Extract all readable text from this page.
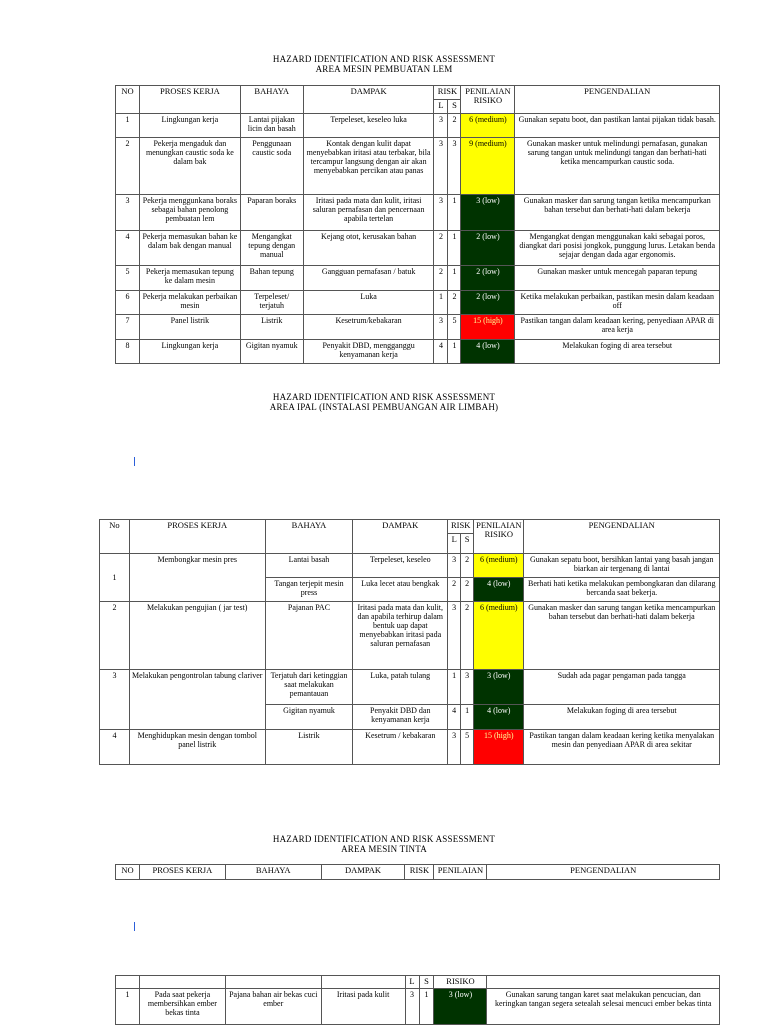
HAZARD IDENTIFICATION AND RISK ASSESSMENT
AREA MESIN PEMBUATAN LEM
NO	PROSES KERJA	BAHAYA	DAMPAK	RISK		PENILAIAN RISIKO	PENGENDALIAN
				L	S		
1	Lingkungan kerja	Lantai pijakan licin dan basah	Terpeleset, keseleo luka	3	2	6 (medium)	Gunakan sepatu boot, dan pastikan lantai pijakan tidak basah.
2	Pekerja mengaduk dan menungkan caustic soda ke dalam bak	Penggunaan caustic soda	Kontak dengan kulit dapat menyebabkan iritasi atau terbakar, bila tercampur langsung dengan air akan menyebabkan percikan atau panas	3	3	9 (medium)	Gunakan masker untuk melindungi pernafasan, gunakan sarung tangan untuk melindungi tangan dan berhati-hati ketika mencampurkan caustic soda.
3	Pekerja menggunkana boraks sebagai bahan penolong pembuatan lem	Paparan boraks	Iritasi pada mata dan kulit, iritasi saluran pernafasan dan pencernaan apabila tertelan	3	1	3 (low)	Gunakan masker dan sarung tangan ketika mencampurkan bahan tersebut dan berhati-hati dalam bekerja
4	Pekerja memasukan bahan ke dalam bak dengan manual	Mengangkat tepung dengan manual	Kejang otot, kerusakan bahan	2	1	2 (low)	Mengangkat dengan menggunakan kaki sebagai poros, diangkat dari posisi jongkok, punggung lurus. Letakan benda sejajar dengan dada agar ergonomis.
5	Pekerja memasukan tepung ke dalam mesin	Bahan tepung	Gangguan pernafasan / batuk	2	1	2 (low)	Gunakan masker untuk mencegah paparan tepung
6	Pekerja melakukan perbaikan mesin	Terpeleset/ terjatuh	Luka	1	2	2 (low)	Ketika melakukan perbaikan, pastikan mesin dalam keadaan off
7	Panel listrik	Listrik	Kesetrum/kebakaran	3	5	15 (high)	Pastikan tangan dalam keadaan kering, penyediaan APAR di area kerja
8	Lingkungan kerja	Gigitan nyamuk	Penyakit DBD, mengganggu kenyamanan kerja	4	1	4 (low)	Melakukan foging di area tersebut
HAZARD IDENTIFICATION AND RISK ASSESSMENT
AREA IPAL (INSTALASI PEMBUANGAN AIR LIMBAH)
No	PROSES KERJA	BAHAYA	DAMPAK	RISK		PENILAIAN RISIKO	PENGENDALIAN
				L	S		
1	Membongkar mesin pres	Lantai basah	Terpeleset, keseleo	3	2	6 (medium)	Gunakan sepatu boot, bersihkan lantai yang basah jangan biarkan air tergenang di lantai
		Tangan terjepit mesin press	Luka lecet atau bengkak	2	2	4 (low)	Berhati hati ketika melakukan pembongkaran dan dilarang bercanda saat bekerja.
2	Melakukan pengujian ( jar test)	Pajanan PAC	Iritasi pada mata dan kulit, dan apabila terhirup dalam bentuk uap dapat menyebabkan iritasi pada saluran pernafasan	3	2	6 (medium)	Gunakan masker dan sarung tangan ketika mencampurkan bahan tersebut dan berhati-hati dalam bekerja
3	Melakukan pengontrolan tabung clariver	Terjatuh dari ketinggian saat melakukan pemantauan	Luka, patah tulang	1	3	3 (low)	Sudah ada pagar pengaman pada tangga
		Gigitan nyamuk	Penyakit DBD dan kenyamanan kerja	4	1	4 (low)	Melakukan foging di area tersebut
4	Menghidupkan mesin dengan tombol panel listrik	Listrik	Kesetrum / kebakaran	3	5	15 (high)	Pastikan tangan dalam keadaan kering ketika menyalakan mesin dan penyediaan APAR di area sekitar
HAZARD IDENTIFICATION AND RISK ASSESSMENT
AREA MESIN TINTA
NO	PROSES KERJA	BAHAYA	DAMPAK	RISK	PENILAIAN	PENGENDALIAN
				L	S	RISIKO	
1	Pada saat pekerja membersihkan ember bekas tinta	Pajana bahan air bekas cuci ember	Iritasi pada kulit	3	1	3 (low)	Gunakan sarung tangan karet saat melakukan pencucian, dan keringkan tangan segera setealah selesai mencuci ember bekas tinta
